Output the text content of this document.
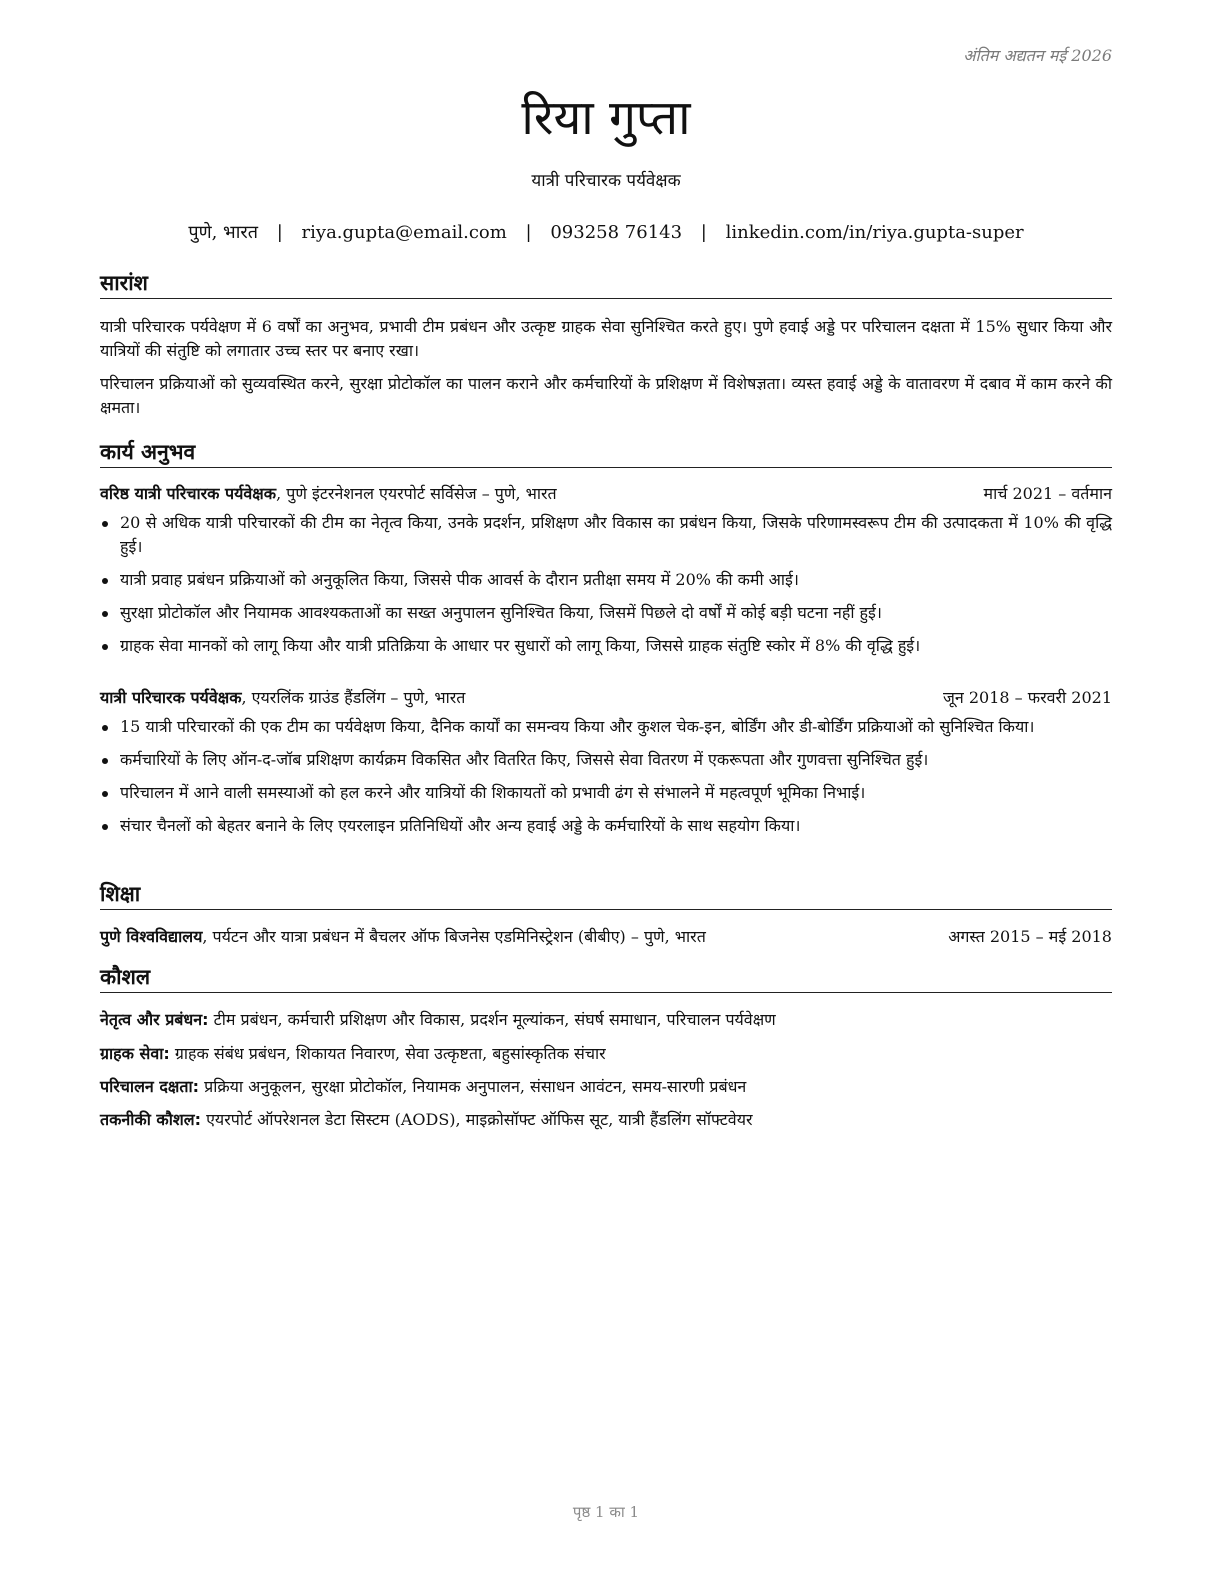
अंतिम अद्यतन मई 2026
रिया गुप्ता
यात्री परिचारक पर्यवेक्षक
पुणे, भारत | riya.gupta@email.com | 093258 76143 | linkedin.com/in/riya.gupta-super
सारांश
यात्री परिचारक पर्यवेक्षण में 6 वर्षों का अनुभव, प्रभावी टीम प्रबंधन और उत्कृष्ट ग्राहक सेवा सुनिश्चित करते हुए। पुणे हवाई अड्डे पर परिचालन दक्षता में 15% सुधार किया और यात्रियों की संतुष्टि को लगातार उच्च स्तर पर बनाए रखा।
परिचालन प्रक्रियाओं को सुव्यवस्थित करने, सुरक्षा प्रोटोकॉल का पालन कराने और कर्मचारियों के प्रशिक्षण में विशेषज्ञता। व्यस्त हवाई अड्डे के वातावरण में दबाव में काम करने की क्षमता।
कार्य अनुभव
वरिष्ठ यात्री परिचारक पर्यवेक्षक, पुणे इंटरनेशनल एयरपोर्ट सर्विसेज – पुणे, भारत	मार्च 2021 – वर्तमान
20 से अधिक यात्री परिचारकों की टीम का नेतृत्व किया, उनके प्रदर्शन, प्रशिक्षण और विकास का प्रबंधन किया, जिसके परिणामस्वरूप टीम की उत्पादकता में 10% की वृद्धि हुई।
यात्री प्रवाह प्रबंधन प्रक्रियाओं को अनुकूलित किया, जिससे पीक आवर्स के दौरान प्रतीक्षा समय में 20% की कमी आई।
सुरक्षा प्रोटोकॉल और नियामक आवश्यकताओं का सख्त अनुपालन सुनिश्चित किया, जिसमें पिछले दो वर्षों में कोई बड़ी घटना नहीं हुई।
ग्राहक सेवा मानकों को लागू किया और यात्री प्रतिक्रिया के आधार पर सुधारों को लागू किया, जिससे ग्राहक संतुष्टि स्कोर में 8% की वृद्धि हुई।
यात्री परिचारक पर्यवेक्षक, एयरलिंक ग्राउंड हैंडलिंग – पुणे, भारत	जून 2018 – फरवरी 2021
15 यात्री परिचारकों की एक टीम का पर्यवेक्षण किया, दैनिक कार्यों का समन्वय किया और कुशल चेक-इन, बोर्डिंग और डी-बोर्डिंग प्रक्रियाओं को सुनिश्चित किया।
कर्मचारियों के लिए ऑन-द-जॉब प्रशिक्षण कार्यक्रम विकसित और वितरित किए, जिससे सेवा वितरण में एकरूपता और गुणवत्ता सुनिश्चित हुई।
परिचालन में आने वाली समस्याओं को हल करने और यात्रियों की शिकायतों को प्रभावी ढंग से संभालने में महत्वपूर्ण भूमिका निभाई।
संचार चैनलों को बेहतर बनाने के लिए एयरलाइन प्रतिनिधियों और अन्य हवाई अड्डे के कर्मचारियों के साथ सहयोग किया।
शिक्षा
पुणे विश्वविद्यालय, पर्यटन और यात्रा प्रबंधन में बैचलर ऑफ बिजनेस एडमिनिस्ट्रेशन (बीबीए) – पुणे, भारत	अगस्त 2015 – मई 2018
कौशल
नेतृत्व और प्रबंधन: टीम प्रबंधन, कर्मचारी प्रशिक्षण और विकास, प्रदर्शन मूल्यांकन, संघर्ष समाधान, परिचालन पर्यवेक्षण
ग्राहक सेवा: ग्राहक संबंध प्रबंधन, शिकायत निवारण, सेवा उत्कृष्टता, बहुसांस्कृतिक संचार
परिचालन दक्षता: प्रक्रिया अनुकूलन, सुरक्षा प्रोटोकॉल, नियामक अनुपालन, संसाधन आवंटन, समय-सारणी प्रबंधन
तकनीकी कौशल: एयरपोर्ट ऑपरेशनल डेटा सिस्टम (AODS), माइक्रोसॉफ्ट ऑफिस सूट, यात्री हैंडलिंग सॉफ्टवेयर
पृष्ठ 1 का 1
